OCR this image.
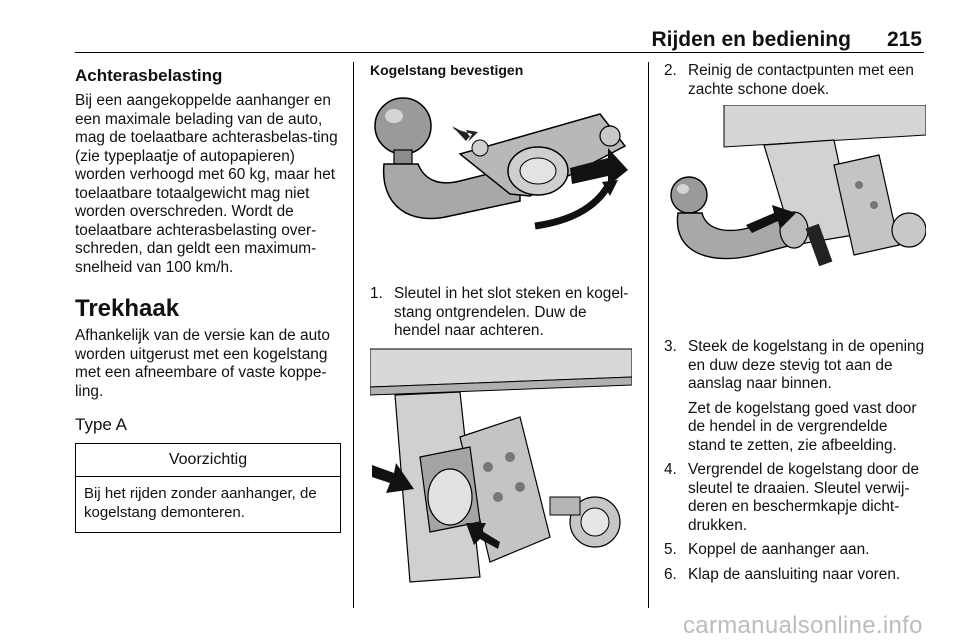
Rijden en bediening 215
Achterasbelasting

Bij een aangekoppelde aanhanger en een maximale belading van de auto, mag de toelaatbare achterasbelas-ting (zie typeplaatje of autopapieren) worden verhoogd met 60 kg, maar het toelaatbare totaalgewicht mag niet worden overschreden. Wordt de toelaatbare achterasbelasting over-schreden, dan geldt een maximum-snelheid van 100 km/h.

Trekhaak

Afhankelijk van de versie kan de auto worden uitgerust met een kogelstang met een afneembare of vaste koppe-ling.

Type A
Voorzichtig
Bij het rijden zonder aanhanger, de kogelstang demonteren.
Kogelstang bevestigen
1. Sleutel in het slot steken en kogel-stang ontgrendelen. Duw de hendel naar achteren.
2. Reinig de contactpunten met een zachte schone doek.
3. Steek de kogelstang in de opening en duw deze stevig tot aan de aanslag naar binnen.

Zet de kogelstang goed vast door de hendel in de vergrendelde stand te zetten, zie afbeelding.

4. Vergrendel de kogelstang door de sleutel te draaien. Sleutel verwij-deren en beschermkapje dicht-drukken.
5. Koppel de aanhanger aan.
6. Klap de aansluiting naar voren.
carmanualsonline.info
